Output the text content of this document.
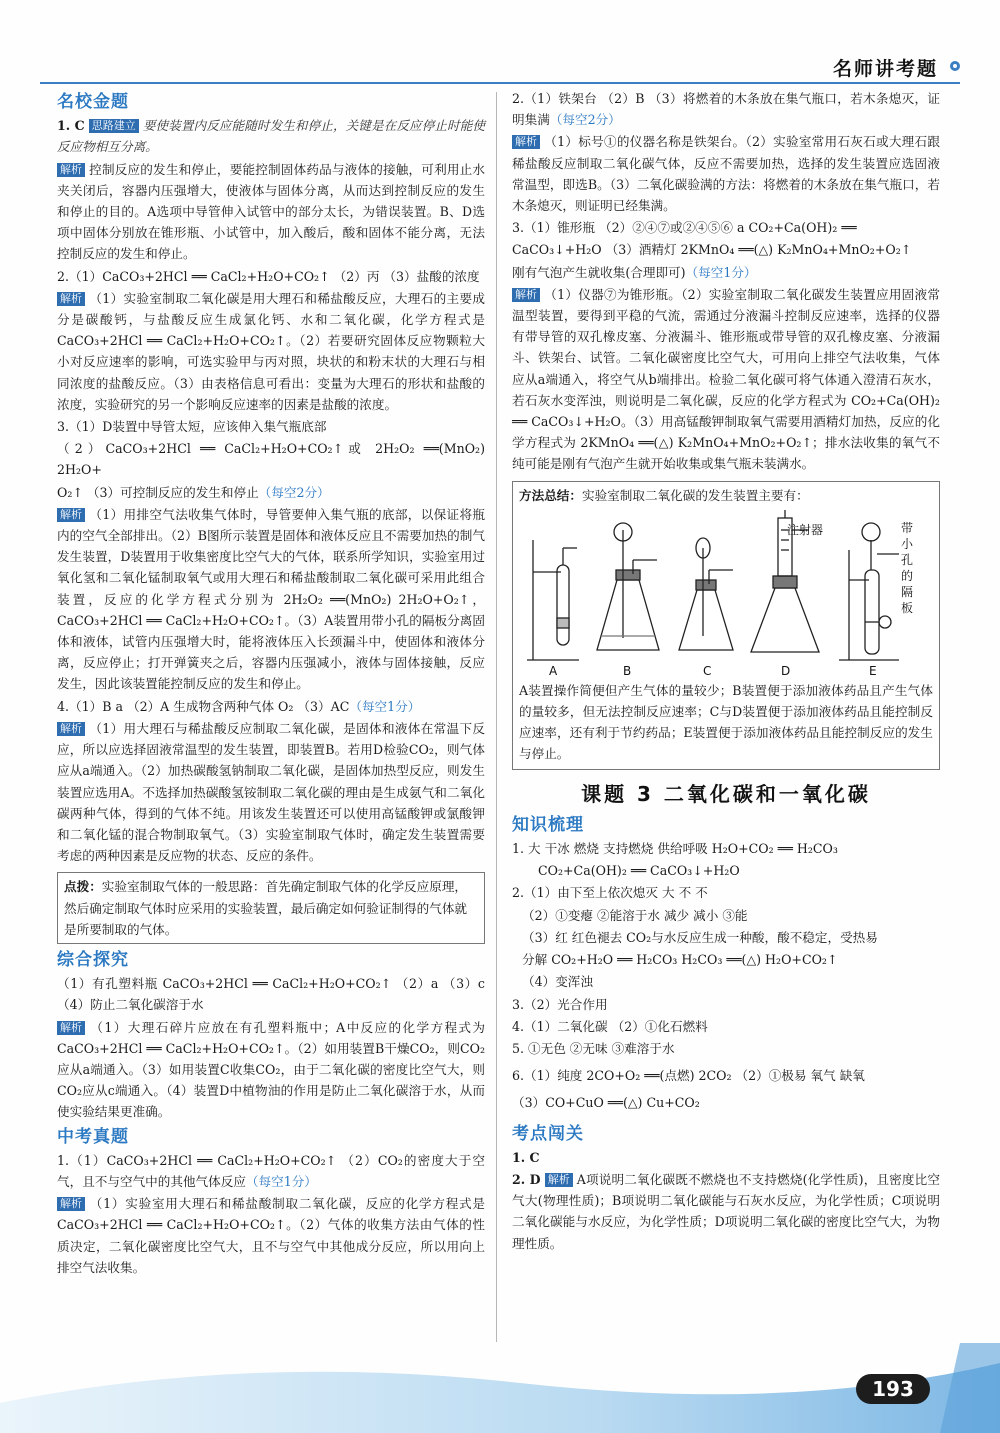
名师讲考题
名校金题

1. C 思路建立 要使装置内反应能随时发生和停止，关键是在反应停止时能使反应物相互分离。

解析 控制反应的发生和停止，要能控制固体药品与液体的接触，可利用止水夹关闭后，容器内压强增大，使液体与固体分离，从而达到控制反应的发生和停止的目的。A选项中导管伸入试管中的部分太长，为错误装置。B、D选项中固体分别放在锥形瓶、小试管中，加入酸后，酸和固体不能分离，无法控制反应的发生和停止。

2.（1）CaCO₃+2HCl ══ CaCl₂+H₂O+CO₂↑ （2）丙 （3）盐酸的浓度

解析 （1）实验室制取二氧化碳是用大理石和稀盐酸反应，大理石的主要成分是碳酸钙，与盐酸反应生成氯化钙、水和二氧化碳，化学方程式是 CaCO₃+2HCl ══ CaCl₂+H₂O+CO₂↑。（2）若要研究固体反应物颗粒大小对反应速率的影响，可选实验甲与丙对照，块状的和粉末状的大理石与相同浓度的盐酸反应。（3）由表格信息可看出：变量为大理石的形状和盐酸的浓度，实验研究的另一个影响反应速率的因素是盐酸的浓度。

3.（1）D装置中导管太短，应该伸入集气瓶底部

（2）CaCO₃+2HCl ══ CaCl₂+H₂O+CO₂↑或 2H₂O₂ ══(MnO₂) 2H₂O+

O₂↑ （3）可控制反应的发生和停止（每空2分）

解析 （1）用排空气法收集气体时，导管要伸入集气瓶的底部，以保证将瓶内的空气全部排出。（2）B图所示装置是固体和液体反应且不需要加热的制气发生装置，D装置用于收集密度比空气大的气体，联系所学知识，实验室用过氧化氢和二氧化锰制取氧气或用大理石和稀盐酸制取二氧化碳可采用此组合装置，反应的化学方程式分别为 2H₂O₂ ══(MnO₂) 2H₂O+O₂↑，CaCO₃+2HCl ══ CaCl₂+H₂O+CO₂↑。（3）A装置用带小孔的隔板分离固体和液体，试管内压强增大时，能将液体压入长颈漏斗中，使固体和液体分离，反应停止；打开弹簧夹之后，容器内压强减小，液体与固体接触，反应发生，因此该装置能控制反应的发生和停止。

4.（1）B a （2）A 生成物含两种气体 O₂ （3）AC（每空1分）

解析 （1）用大理石与稀盐酸反应制取二氧化碳，是固体和液体在常温下反应，所以应选择固液常温型的发生装置，即装置B。若用D检验CO₂，则气体应从a端通入。（2）加热碳酸氢钠制取二氧化碳，是固体加热型反应，则发生装置应选用A。不选择加热碳酸氢铵制取二氧化碳的理由是生成氨气和二氧化碳两种气体，得到的气体不纯。用该发生装置还可以使用高锰酸钾或氯酸钾和二氧化锰的混合物制取氧气。（3）实验室制取气体时，确定发生装置需要考虑的两种因素是反应物的状态、反应的条件。

点拨：实验室制取气体的一般思路：首先确定制取气体的化学反应原理，然后确定制取气体时应采用的实验装置，最后确定如何验证制得的气体就是所要制取的气体。
综合探究

（1）有孔塑料瓶 CaCO₃+2HCl ══ CaCl₂+H₂O+CO₂↑ （2）a （3）c （4）防止二氧化碳溶于水

解析 （1）大理石碎片应放在有孔塑料瓶中；A中反应的化学方程式为 CaCO₃+2HCl ══ CaCl₂+H₂O+CO₂↑。（2）如用装置B干燥CO₂，则CO₂应从a端通入。（3）如用装置C收集CO₂，由于二氧化碳的密度比空气大，则CO₂应从c端通入。（4）装置D中植物油的作用是防止二氧化碳溶于水，从而使实验结果更准确。

中考真题

1.（1）CaCO₃+2HCl ══ CaCl₂+H₂O+CO₂↑ （2）CO₂的密度大于空气，且不与空气中的其他气体反应（每空1分）

解析 （1）实验室用大理石和稀盐酸制取二氧化碳，反应的化学方程式是 CaCO₃+2HCl ══ CaCl₂+H₂O+CO₂↑。（2）气体的收集方法由气体的性质决定，二氧化碳密度比空气大，且不与空气中其他成分反应，所以用向上排空气法收集。

2.（1）铁架台 （2）B （3）将燃着的木条放在集气瓶口，若木条熄灭，证明集满（每空2分）

解析 （1）标号①的仪器名称是铁架台。（2）实验室常用石灰石或大理石跟稀盐酸反应制取二氧化碳气体，反应不需要加热，选择的发生装置应选固液常温型，即选B。（3）二氧化碳验满的方法：将燃着的木条放在集气瓶口，若木条熄灭，则证明已经集满。

3.（1）锥形瓶 （2）②④⑦或②④⑤⑥ a CO₂+Ca(OH)₂ ══

CaCO₃↓+H₂O （3）酒精灯 2KMnO₄ ══(△) K₂MnO₄+MnO₂+O₂↑

刚有气泡产生就收集(合理即可)（每空1分）

解析 （1）仪器⑦为锥形瓶。（2）实验室制取二氧化碳发生装置应用固液常温型装置，要得到平稳的气流，需通过分液漏斗控制反应速率，选择的仪器有带导管的双孔橡皮塞、分液漏斗、锥形瓶或带导管的双孔橡皮塞、分液漏斗、铁架台、试管。二氧化碳密度比空气大，可用向上排空气法收集，气体应从a端通入，将空气从b端排出。检验二氧化碳可将气体通入澄清石灰水，若石灰水变浑浊，则说明是二氧化碳，反应的化学方程式为 CO₂+Ca(OH)₂ ══ CaCO₃↓+H₂O。（3）用高锰酸钾制取氧气需要用酒精灯加热，反应的化学方程式为 2KMnO₄ ══(△) K₂MnO₄+MnO₂+O₂↑；排水法收集的氧气不纯可能是刚有气泡产生就开始收集或集气瓶未装满水。

方法总结：实验室制取二氧化碳的发生装置主要有：
注射器	带
小
孔
的
隔
板
A	B	C	D	E

A装置操作简便但产生气体的量较少；B装置便于添加液体药品且产生气体的量较多，但无法控制反应速率；C与D装置便于添加液体药品且能控制反应速率，还有利于节约药品；E装置便于添加液体药品且能控制反应的发生与停止。

课题 3 二氧化碳和一氧化碳
知识梳理

1. 大 干冰 燃烧 支持燃烧 供给呼吸 H₂O+CO₂ ══ H₂CO₃

CO₂+Ca(OH)₂ ══ CaCO₃↓+H₂O

2.（1）由下至上依次熄灭 大 不 不

（2）①变瘪 ②能溶于水 减少 减小 ③能

（3）红 红色褪去 CO₂与水反应生成一种酸，酸不稳定，受热易

分解 CO₂+H₂O ══ H₂CO₃ H₂CO₃ ══(△) H₂O+CO₂↑

（4）变浑浊

3.（2）光合作用

4.（1）二氧化碳 （2）①化石燃料

5. ①无色 ②无味 ③难溶于水

6.（1）纯度 2CO+O₂ ══(点燃) 2CO₂ （2）①极易 氧气 缺氧

（3）CO+CuO ══(△) Cu+CO₂

考点闯关

1. C

2. D 解析 A项说明二氧化碳既不燃烧也不支持燃烧(化学性质)，且密度比空气大(物理性质)；B项说明二氧化碳能与石灰水反应，为化学性质；C项说明二氧化碳能与水反应，为化学性质；D项说明二氧化碳的密度比空气大，为物理性质。

193
